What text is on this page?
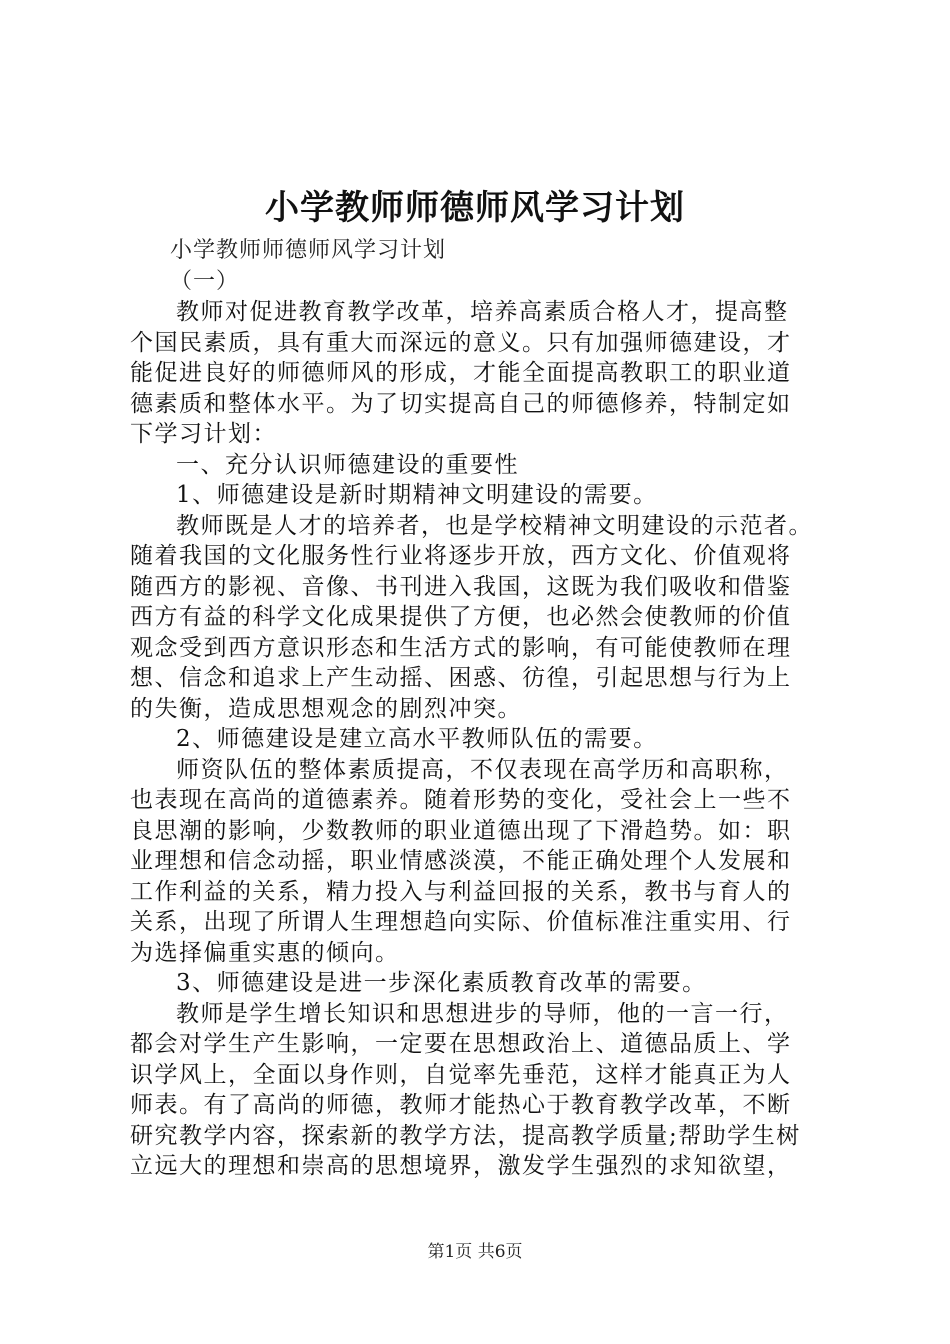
小学教师师德师风学习计划
小学教师师德师风学习计划
（一）
教师对促进教育教学改革，培养高素质合格人才，提高整
个国民素质，具有重大而深远的意义。只有加强师德建设，才
能促进良好的师德师风的形成，才能全面提高教职工的职业道
德素质和整体水平。为了切实提高自己的师德修养，特制定如
下学习计划：
一、充分认识师德建设的重要性
1、师德建设是新时期精神文明建设的需要。
教师既是人才的培养者，也是学校精神文明建设的示范者。
随着我国的文化服务性行业将逐步开放，西方文化、价值观将
随西方的影视、音像、书刊进入我国，这既为我们吸收和借鉴
西方有益的科学文化成果提供了方便，也必然会使教师的价值
观念受到西方意识形态和生活方式的影响，有可能使教师在理
想、信念和追求上产生动摇、困惑、彷徨，引起思想与行为上
的失衡，造成思想观念的剧烈冲突。
2、师德建设是建立高水平教师队伍的需要。
师资队伍的整体素质提高，不仅表现在高学历和高职称，
也表现在高尚的道德素养。随着形势的变化，受社会上一些不
良思潮的影响，少数教师的职业道德出现了下滑趋势。如：职
业理想和信念动摇，职业情感淡漠，不能正确处理个人发展和
工作利益的关系，精力投入与利益回报的关系，教书与育人的
关系，出现了所谓人生理想趋向实际、价值标准注重实用、行
为选择偏重实惠的倾向。
3、师德建设是进一步深化素质教育改革的需要。
教师是学生增长知识和思想进步的导师，他的一言一行，
都会对学生产生影响，一定要在思想政治上、道德品质上、学
识学风上，全面以身作则，自觉率先垂范，这样才能真正为人
师表。有了高尚的师德，教师才能热心于教育教学改革，不断
研究教学内容，探索新的教学方法，提高教学质量;帮助学生树
立远大的理想和崇高的思想境界，激发学生强烈的求知欲望，
第1页 共6页
